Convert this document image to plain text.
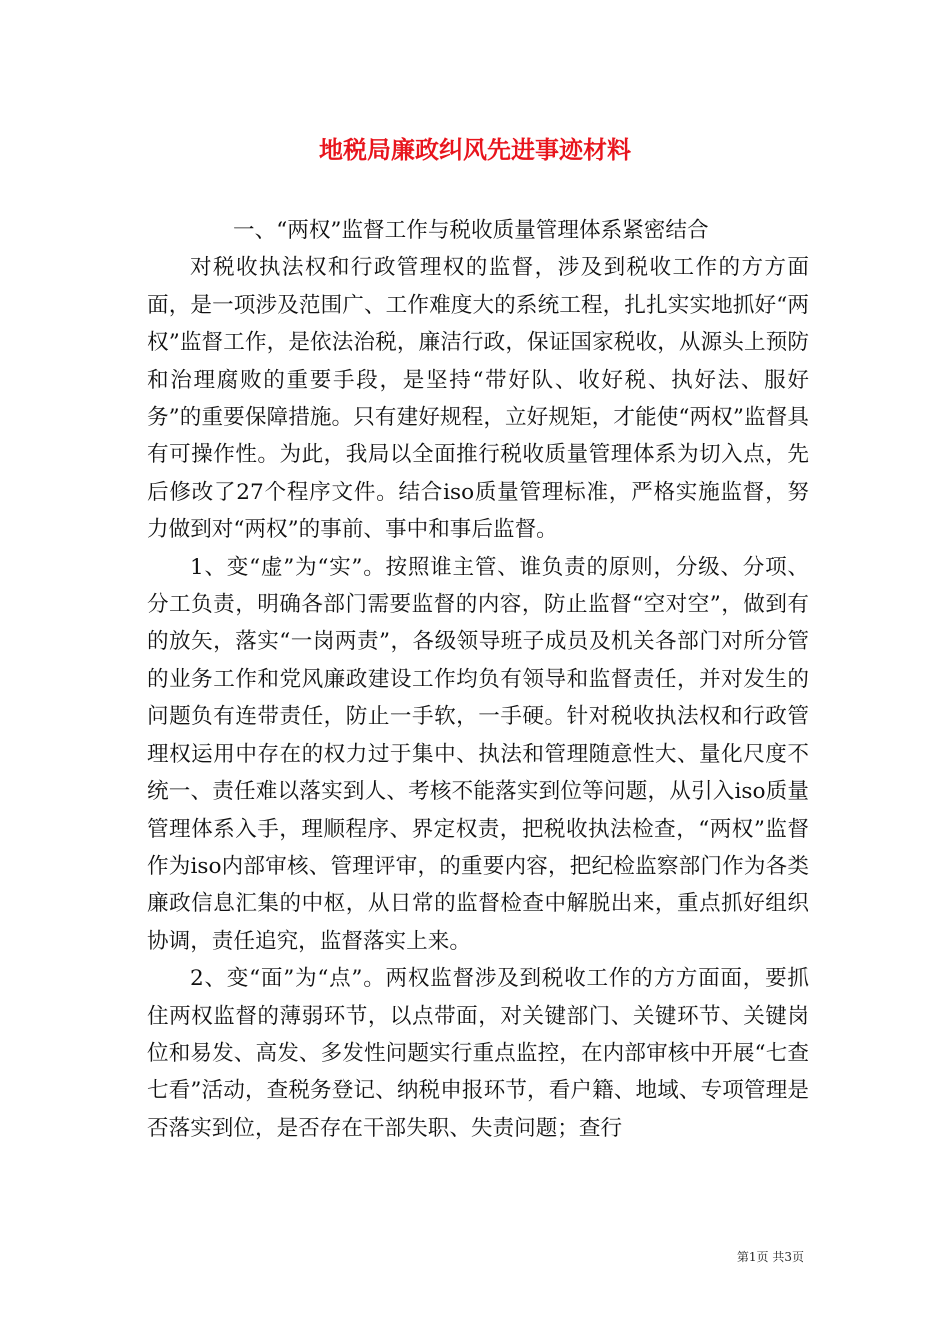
地税局廉政纠风先进事迹材料

一、“两权”监督工作与税收质量管理体系紧密结合

对税收执法权和行政管理权的监督，涉及到税收工作的方方面面，是一项涉及范围广、工作难度大的系统工程，扎扎实实地抓好“两权”监督工作，是依法治税，廉洁行政，保证国家税收，从源头上预防和治理腐败的重要手段，是坚持“带好队、收好税、执好法、服好务”的重要保障措施。只有建好规程，立好规矩，才能使“两权”监督具有可操作性。为此，我局以全面推行税收质量管理体系为切入点，先后修改了27个程序文件。结合iso质量管理标准，严格实施监督，努力做到对“两权”的事前、事中和事后监督。

1、变“虚”为“实”。按照谁主管、谁负责的原则，分级、分项、分工负责，明确各部门需要监督的内容，防止监督“空对空”，做到有的放矢，落实“一岗两责”，各级领导班子成员及机关各部门对所分管的业务工作和党风廉政建设工作均负有领导和监督责任，并对发生的问题负有连带责任，防止一手软，一手硬。针对税收执法权和行政管理权运用中存在的权力过于集中、执法和管理随意性大、量化尺度不统一、责任难以落实到人、考核不能落实到位等问题，从引入iso质量管理体系入手，理顺程序、界定权责，把税收执法检查，“两权”监督作为iso内部审核、管理评审，的重要内容，把纪检监察部门作为各类廉政信息汇集的中枢，从日常的监督检查中解脱出来，重点抓好组织协调，责任追究，监督落实上来。

2、变“面”为“点”。两权监督涉及到税收工作的方方面面，要抓住两权监督的薄弱环节，以点带面，对关键部门、关键环节、关键岗位和易发、高发、多发性问题实行重点监控，在内部审核中开展“七查七看”活动，查税务登记、纳税申报环节，看户籍、地域、专项管理是否落实到位，是否存在干部失职、失责问题；查行

第1页 共3页
